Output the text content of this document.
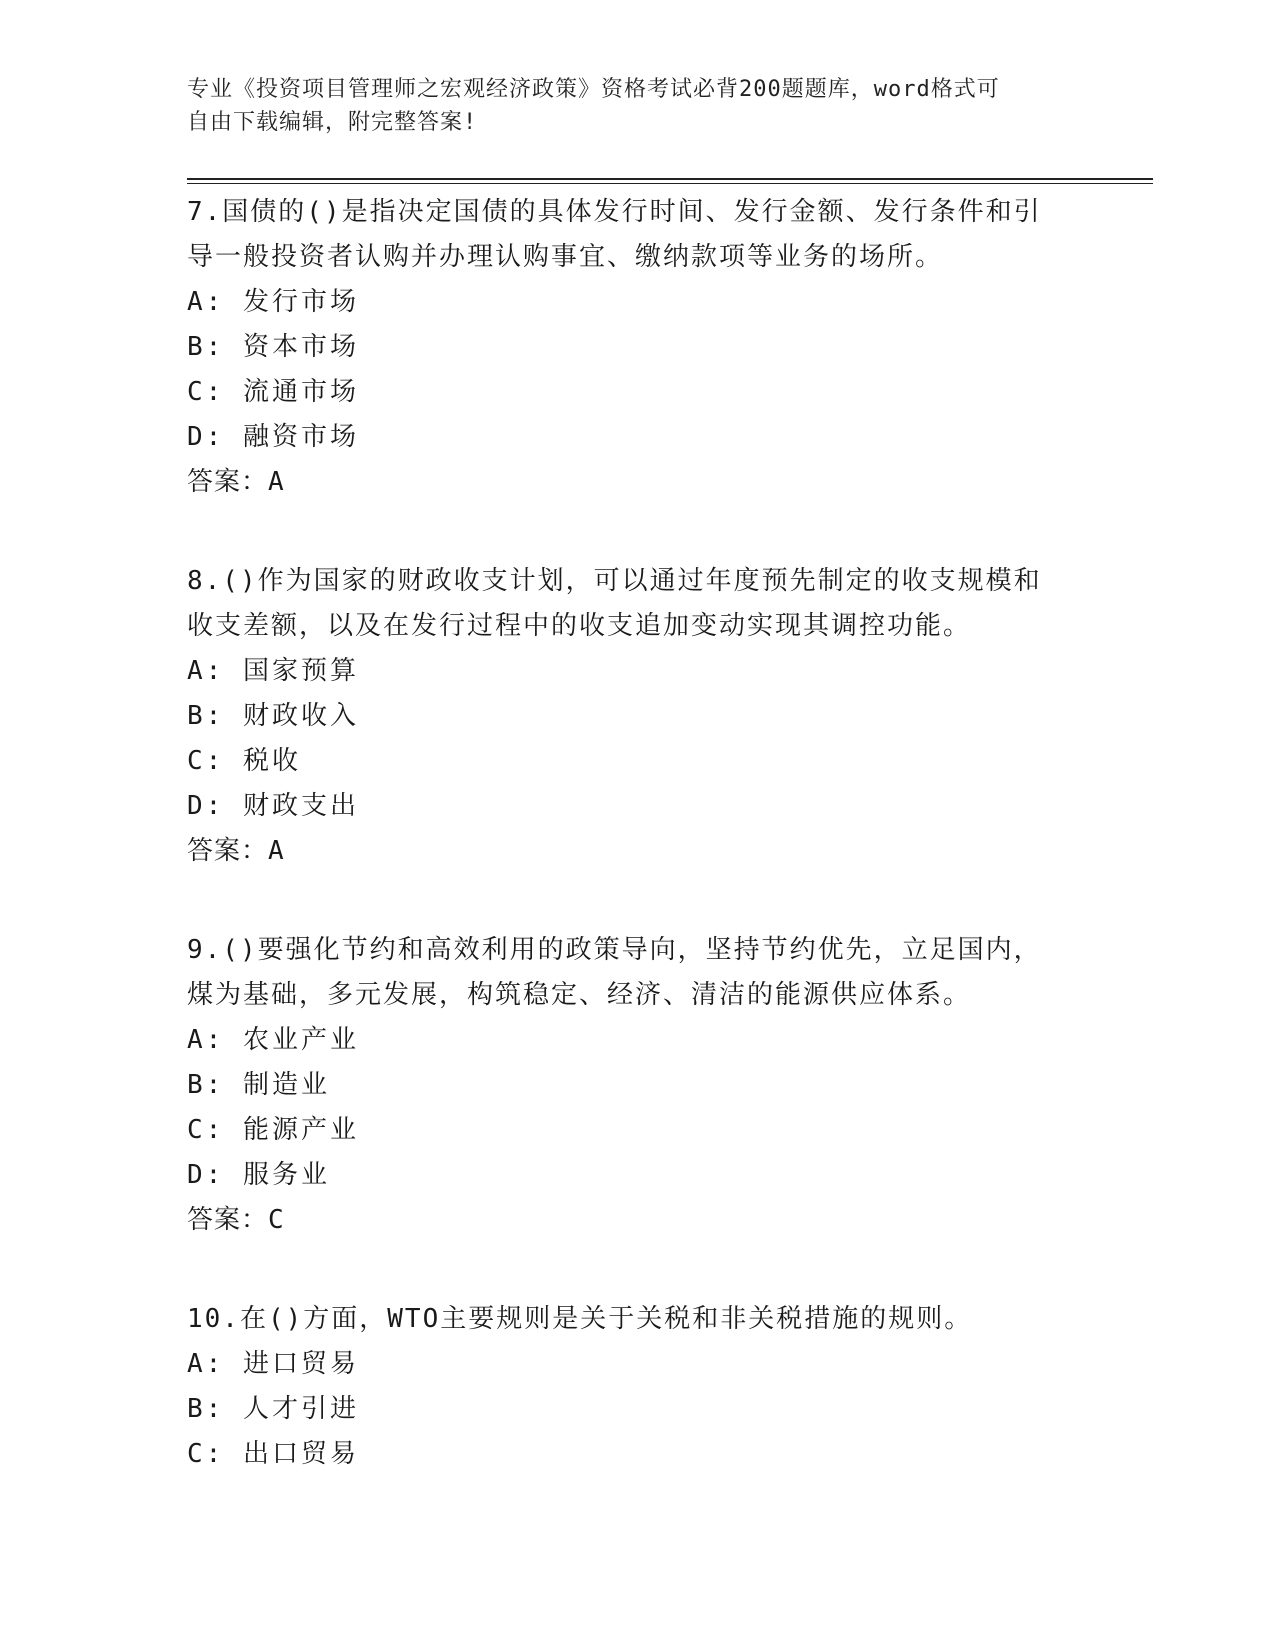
专业《投资项目管理师之宏观经济政策》资格考试必背200题题库，word格式可
自由下载编辑，附完整答案!

7.国债的()是指决定国债的具体发行时间、发行金额、发行条件和引导一般投资者认购并办理认购事宜、缴纳款项等业务的场所。

A: 发行市场

B: 资本市场

C: 流通市场

D: 融资市场

答案：A

8.()作为国家的财政收支计划，可以通过年度预先制定的收支规模和收支差额，以及在发行过程中的收支追加变动实现其调控功能。

A: 国家预算

B: 财政收入

C: 税收

D: 财政支出

答案：A

9.()要强化节约和高效利用的政策导向，坚持节约优先，立足国内，煤为基础，多元发展，构筑稳定、经济、清洁的能源供应体系。

A: 农业产业

B: 制造业

C: 能源产业

D: 服务业

答案：C

10.在()方面，WTO主要规则是关于关税和非关税措施的规则。

A: 进口贸易

B: 人才引进

C: 出口贸易
